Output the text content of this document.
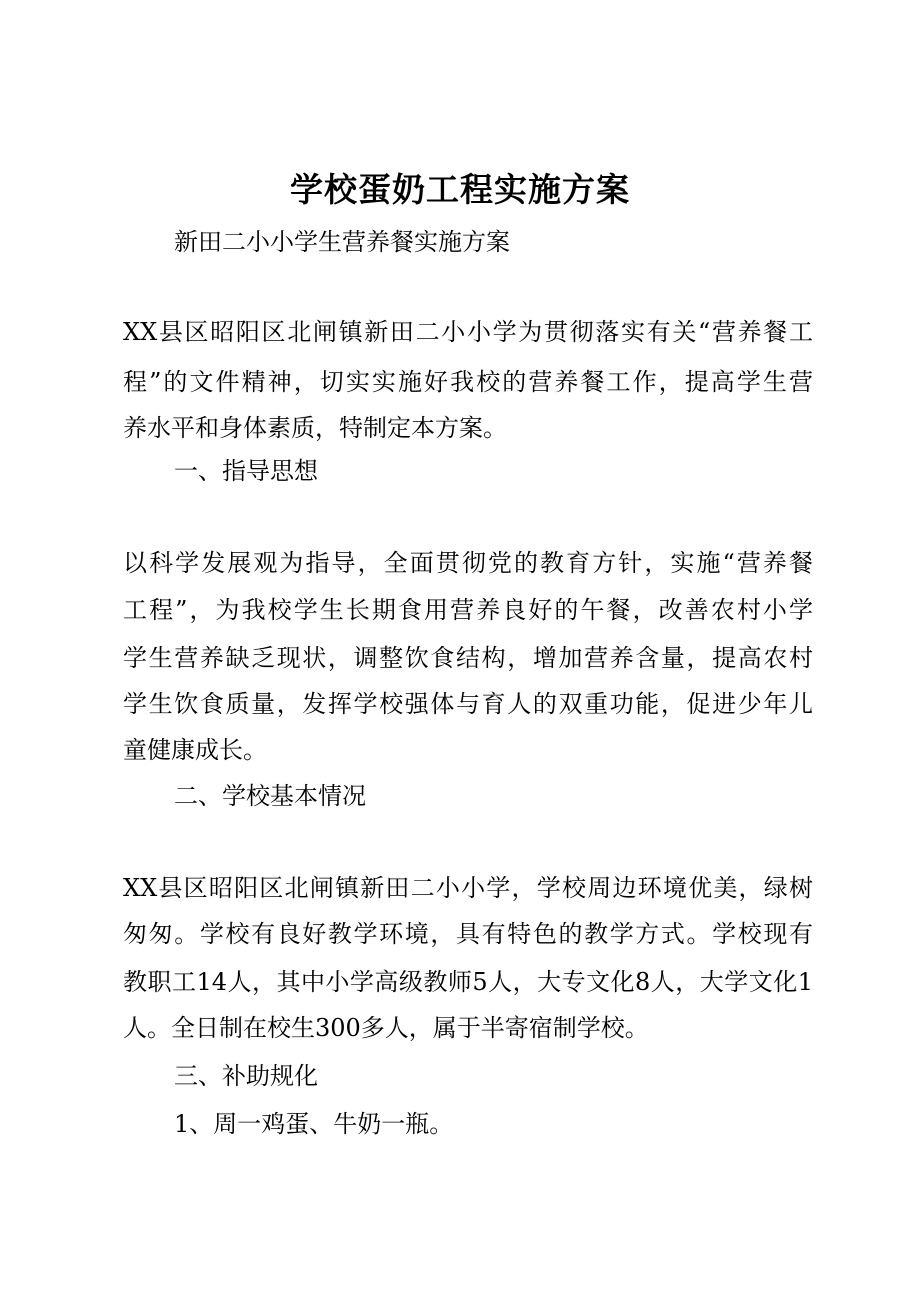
学校蛋奶工程实施方案
新田二小小学生营养餐实施方案
XX县区昭阳区北闸镇新田二小小学为贯彻落实有关“营养餐工
程”的文件精神，切实实施好我校的营养餐工作，提高学生营
养水平和身体素质，特制定本方案。
一、指导思想
以科学发展观为指导，全面贯彻党的教育方针，实施“营养餐
工程”，为我校学生长期食用营养良好的午餐，改善农村小学
学生营养缺乏现状，调整饮食结构，增加营养含量，提高农村
学生饮食质量，发挥学校强体与育人的双重功能，促进少年儿
童健康成长。
二、学校基本情况
XX县区昭阳区北闸镇新田二小小学，学校周边环境优美，绿树
匆匆。学校有良好教学环境，具有特色的教学方式。学校现有
教职工14人，其中小学高级教师5人，大专文化8人，大学文化1
人。全日制在校生300多人，属于半寄宿制学校。
三、补助规化
1、周一鸡蛋、牛奶一瓶。
